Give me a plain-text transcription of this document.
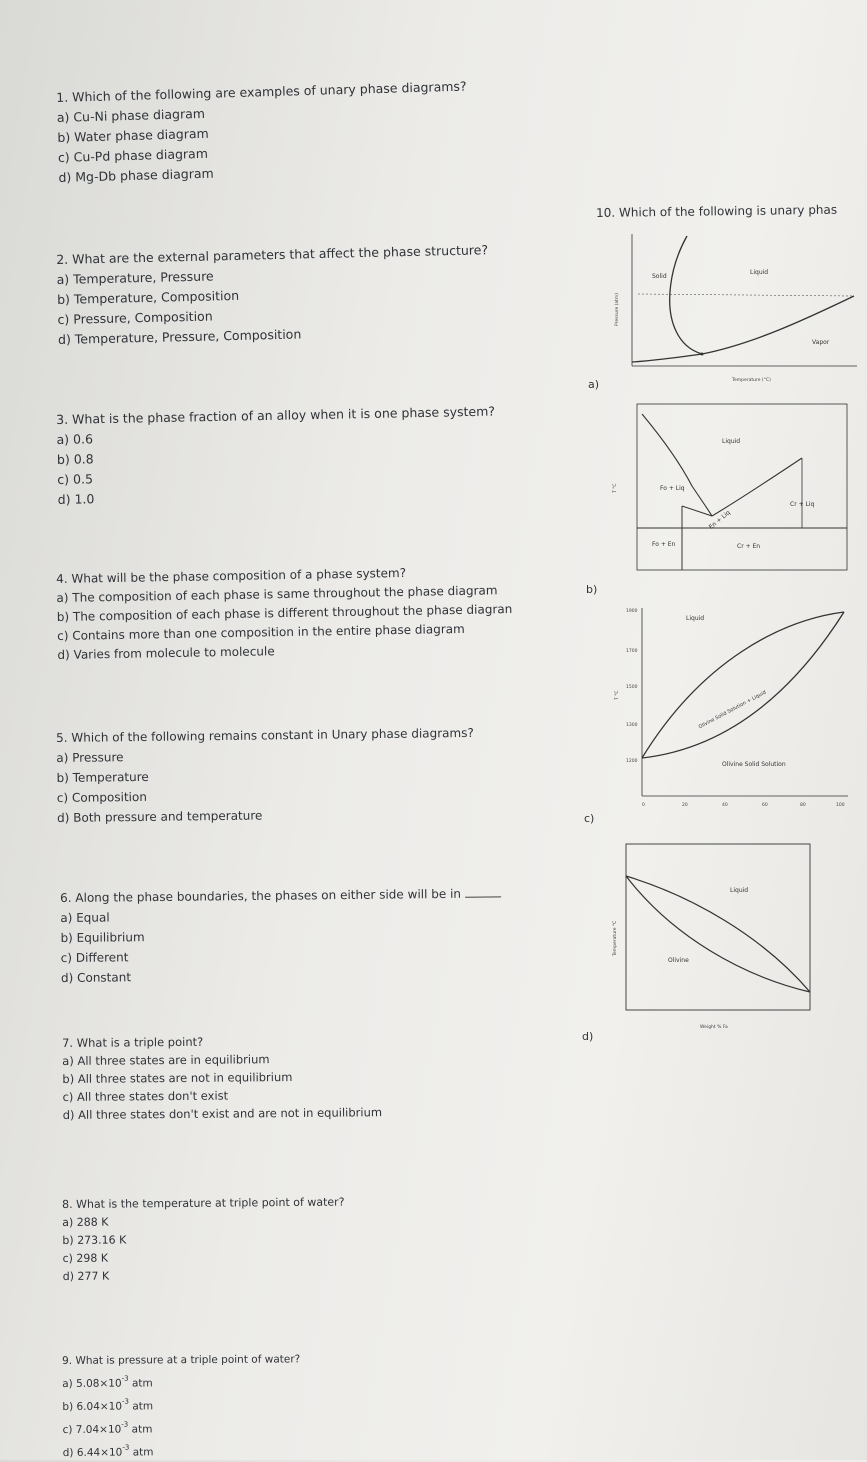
1. Which of the following are examples of unary phase diagrams?
a) Cu-Ni phase diagram
b) Water phase diagram
c) Cu-Pd phase diagram
d) Mg-Db phase diagram
2. What are the external parameters that affect the phase structure?
a) Temperature, Pressure
b) Temperature, Composition
c) Pressure, Composition
d) Temperature, Pressure, Composition
3. What is the phase fraction of an alloy when it is one phase system?
a) 0.6
b) 0.8
c) 0.5
d) 1.0
4. What will be the phase composition of a phase system?
a) The composition of each phase is same throughout the phase diagram
b) The composition of each phase is different throughout the phase diagran
c) Contains more than one composition in the entire phase diagram
d) Varies from molecule to molecule
5. Which of the following remains constant in Unary phase diagrams?
a) Pressure
b) Temperature
c) Composition
d) Both pressure and temperature
6. Along the phase boundaries, the phases on either side will be in
a) Equal
b) Equilibrium
c) Different
d) Constant
7. What is a triple point?
a) All three states are in equilibrium
b) All three states are not in equilibrium
c) All three states don't exist
d) All three states don't exist and are not in equilibrium
8. What is the temperature at triple point of water?
a) 288 K
b) 273.16 K
c) 298 K
d) 277 K
9. What is pressure at a triple point of water?
a) $5.08\times 10^{-3}$ atm
b) $6.04\times 10^{-3}$ atm
c) $7.04\times 10^{-3}$ atm
d) $6.44\times 10^{-3}$ atm
10. Which of the following is unary phas
a)
b)
c)
d)
Solid
Liquid
Vapor
Temperature (°C)
Pressure (atm)
Liquid
Fo + Liq
Cr + Liq
En + Liq
Fo + En	Cr + En
T °C
Liquid
Olivine Solid Solution + Liquid
Olivine Solid Solution
1900
1700
1500
1300
1200
0	20	40	60	80	100
T °C
Liquid
Olivine
Weight % Fa
Temperature °C
